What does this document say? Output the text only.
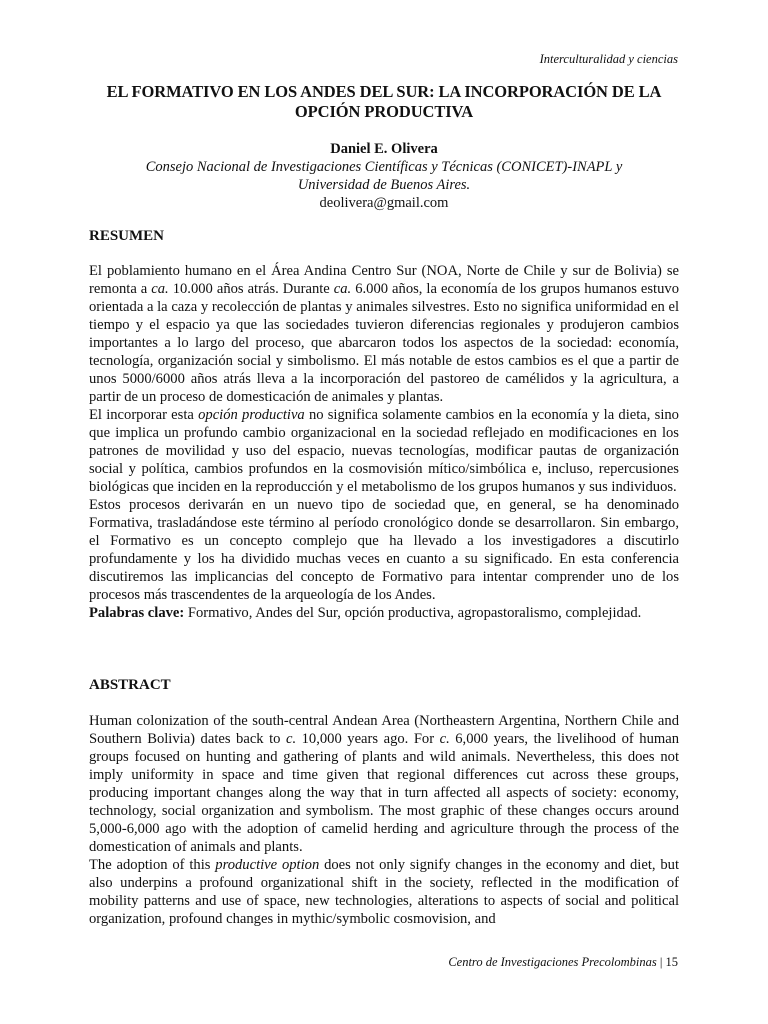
Interculturalidad y ciencias
EL FORMATIVO EN LOS ANDES DEL SUR: LA INCORPORACIÓN DE LA OPCIÓN PRODUCTIVA
Daniel E. Olivera
Consejo Nacional de Investigaciones Científicas y Técnicas (CONICET)-INAPL y
Universidad de Buenos Aires.
deolivera@gmail.com
RESUMEN

El poblamiento humano en el Área Andina Centro Sur (NOA, Norte de Chile y sur de Bolivia) se remonta a ca. 10.000 años atrás. Durante ca. 6.000 años, la economía de los grupos humanos estuvo orientada a la caza y recolección de plantas y animales silvestres. Esto no significa uniformidad en el tiempo y el espacio ya que las sociedades tuvieron diferencias regionales y produjeron cambios importantes a lo largo del proceso, que abarcaron todos los aspectos de la sociedad: economía, tecnología, organización social y simbolismo. El más notable de estos cambios es el que a partir de unos 5000/6000 años atrás lleva a la incorporación del pastoreo de camélidos y la agricultura, a partir de un proceso de domesticación de animales y plantas.

El incorporar esta opción productiva no significa solamente cambios en la economía y la dieta, sino que implica un profundo cambio organizacional en la sociedad reflejado en modificaciones en los patrones de movilidad y uso del espacio, nuevas tecnologías, modificar pautas de organización social y política, cambios profundos en la cosmovisión mítico/simbólica e, incluso, repercusiones biológicas que inciden en la reproducción y el metabolismo de los grupos humanos y sus individuos.

Estos procesos derivarán en un nuevo tipo de sociedad que, en general, se ha denominado Formativa, trasladándose este término al período cronológico donde se desarrollaron. Sin embargo, el Formativo es un concepto complejo que ha llevado a los investigadores a discutirlo profundamente y los ha dividido muchas veces en cuanto a su significado. En esta conferencia discutiremos las implicancias del concepto de Formativo para intentar comprender uno de los procesos más trascendentes de la arqueología de los Andes.

Palabras clave: Formativo, Andes del Sur, opción productiva, agropastoralismo, complejidad.

ABSTRACT

Human colonization of the south-central Andean Area (Northeastern Argentina, Northern Chile and Southern Bolivia) dates back to c. 10,000 years ago. For c. 6,000 years, the livelihood of human groups focused on hunting and gathering of plants and wild animals. Nevertheless, this does not imply uniformity in space and time given that regional differences cut across these groups, producing important changes along the way that in turn affected all aspects of society: economy, technology, social organization and symbolism. The most graphic of these changes occurs around 5,000-6,000 ago with the adoption of camelid herding and agriculture through the process of the domestication of animals and plants.

The adoption of this productive option does not only signify changes in the economy and diet, but also underpins a profound organizational shift in the society, reflected in the modification of mobility patterns and use of space, new technologies, alterations to aspects of social and political organization, profound changes in mythic/symbolic cosmovision, and

Centro de Investigaciones Precolombinas | 15
